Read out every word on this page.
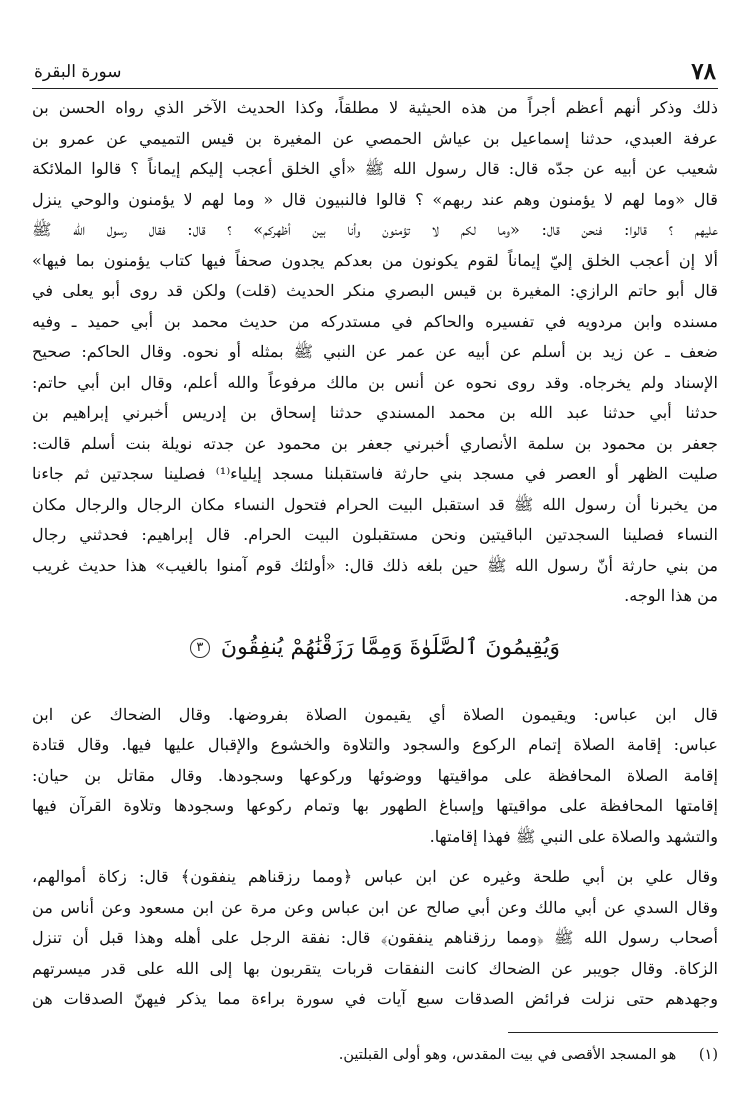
٧٨
سورة البقرة
ذلك وذكر أنهم أعظم أجراً من هذه الحيثية لا مطلقاً، وكذا الحديث الآخر الذي رواه الحسن بن
عرفة العبدي، حدثنا إسماعيل بن عياش الحمصي عن المغيرة بن قيس التميمي عن عمرو بن
شعيب عن أبيه عن جدّه قال: قال رسول الله ﷺ «أي الخلق أعجب إليكم إيماناً ؟ قالوا الملائكة
قال «وما لهم لا يؤمنون وهم عند ربهم» ؟ قالوا فالنبيون قال « وما لهم لا يؤمنون والوحي ينزل
عليهم ؟ قالوا: فنحن قال: «وما لكم لا تؤمنون وأنا بين أظهركم» ؟ قال: فقال رسول الله ﷺ
ألا إن أعجب الخلق إليّ إيماناً لقوم يكونون من بعدكم يجدون صحفاً فيها كتاب يؤمنون بما فيها»
قال أبو حاتم الرازي: المغيرة بن قيس البصري منكر الحديث (قلت) ولكن قد روى أبو يعلى في
مسنده وابن مردويه في تفسيره والحاكم في مستدركه من حديث محمد بن أبي حميد ـ وفيه
ضعف ـ عن زيد بن أسلم عن أبيه عن عمر عن النبي ﷺ بمثله أو نحوه. وقال الحاكم: صحيح
الإسناد ولم يخرجاه. وقد روى نحوه عن أنس بن مالك مرفوعاً والله أعلم، وقال ابن أبي حاتم:
حدثنا أبي حدثنا عبد الله بن محمد المسندي حدثنا إسحاق بن إدريس أخبرني إبراهيم بن
جعفر بن محمود بن سلمة الأنصاري أخبرني جعفر بن محمود عن جدته نويلة بنت أسلم قالت:
صليت الظهر أو العصر في مسجد بني حارثة فاستقبلنا مسجد إيلياء⁽¹⁾ فصلينا سجدتين ثم جاءنا
من يخبرنا أن رسول الله ﷺ قد استقبل البيت الحرام فتحول النساء مكان الرجال والرجال مكان
النساء فصلينا السجدتين الباقيتين ونحن مستقبلون البيت الحرام. قال إبراهيم: فحدثني رجال
من بني حارثة أنّ رسول الله ﷺ حين بلغه ذلك قال: «أولئك قوم آمنوا بالغيب» هذا حديث غريب
من هذا الوجه.
وَيُقِيمُونَ ٱلصَّلَوٰةَ وَمِمَّا رَزَقْنَٰهُمْ يُنفِقُونَ ٣
قال ابن عباس: ويقيمون الصلاة أي يقيمون الصلاة بفروضها. وقال الضحاك عن ابن
عباس: إقامة الصلاة إتمام الركوع والسجود والتلاوة والخشوع والإقبال عليها فيها. وقال قتادة
إقامة الصلاة المحافظة على مواقيتها ووضوئها وركوعها وسجودها. وقال مقاتل بن حيان:
إقامتها المحافظة على مواقيتها وإسباغ الطهور بها وتمام ركوعها وسجودها وتلاوة القرآن فيها
والتشهد والصلاة على النبي ﷺ فهذا إقامتها.
وقال علي بن أبي طلحة وغيره عن ابن عباس ﴿ومما رزقناهم ينفقون﴾ قال: زكاة أموالهم،
وقال السدي عن أبي مالك وعن أبي صالح عن ابن عباس وعن مرة عن ابن مسعود وعن أناس من
أصحاب رسول الله ﷺ ﴿ومما رزقناهم ينفقون﴾ قال: نفقة الرجل على أهله وهذا قبل أن تنزل
الزكاة. وقال جويبر عن الضحاك كانت النفقات قربات يتقربون بها إلى الله على قدر ميسرتهم
وجهدهم حتى نزلت فرائض الصدقات سبع آيات في سورة براءة مما يذكر فيهنّ الصدقات هن
(١) هو المسجد الأقصى في بيت المقدس، وهو أولى القبلتين.
